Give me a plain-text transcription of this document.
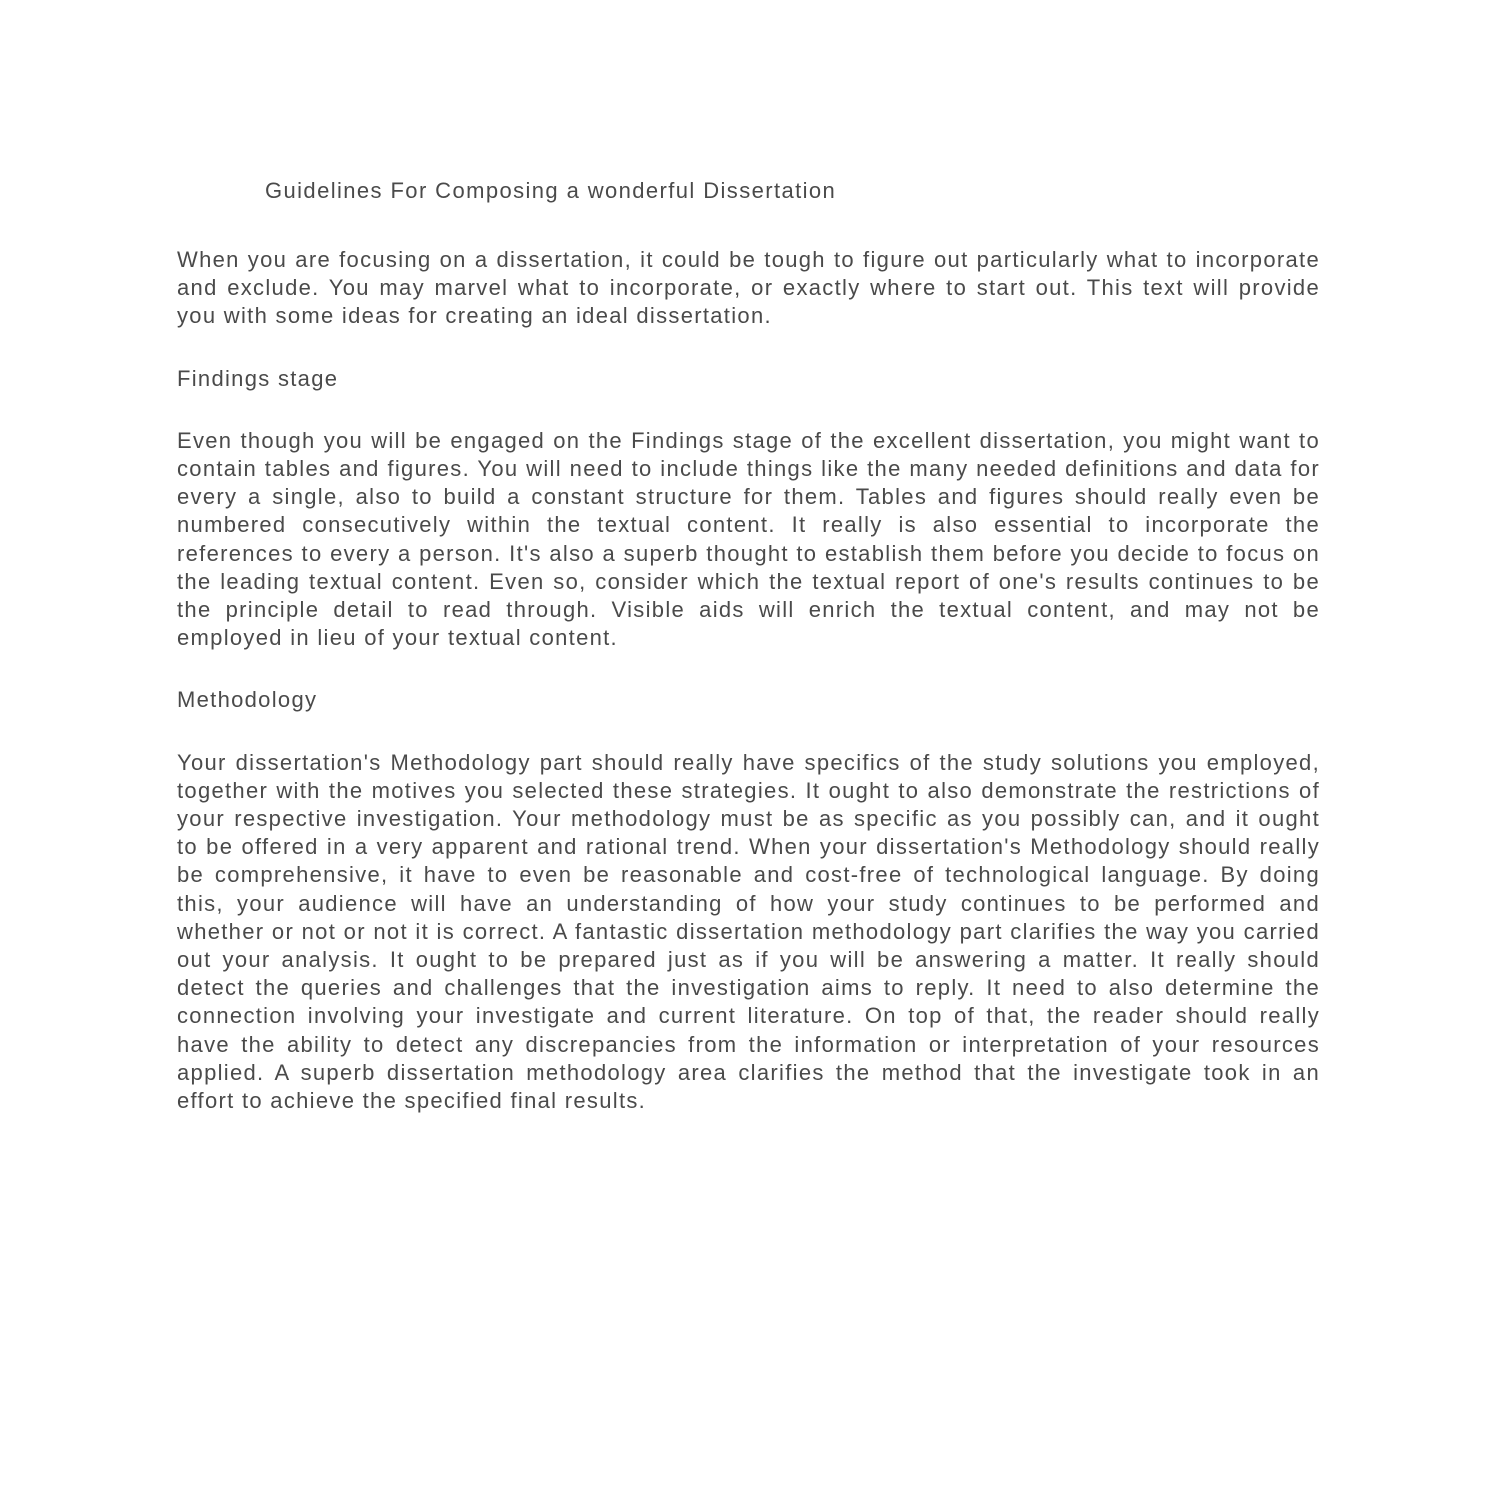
Guidelines For Composing a wonderful Dissertation

When you are focusing on a dissertation, it could be tough to figure out particularly what to incorporate and exclude. You may marvel what to incorporate, or exactly where to start out. This text will provide you with some ideas for creating an ideal dissertation.

Findings stage

Even though you will be engaged on the Findings stage of the excellent dissertation, you might want to contain tables and figures. You will need to include things like the many needed definitions and data for every a single, also to build a constant structure for them. Tables and figures should really even be numbered consecutively within the textual content. It really is also essential to incorporate the references to every a person. It's also a superb thought to establish them before you decide to focus on the leading textual content. Even so, consider which the textual report of one's results continues to be the principle detail to read through. Visible aids will enrich the textual content, and may not be employed in lieu of your textual content.

Methodology

Your dissertation's Methodology part should really have specifics of the study solutions you employed, together with the motives you selected these strategies. It ought to also demonstrate the restrictions of your respective investigation. Your methodology must be as specific as you possibly can, and it ought to be offered in a very apparent and rational trend. When your dissertation's Methodology should really be comprehensive, it have to even be reasonable and cost-free of technological language. By doing this, your audience will have an understanding of how your study continues to be performed and whether or not or not it is correct. A fantastic dissertation methodology part clarifies the way you carried out your analysis. It ought to be prepared just as if you will be answering a matter. It really should detect the queries and challenges that the investigation aims to reply. It need to also determine the connection involving your investigate and current literature. On top of that, the reader should really have the ability to detect any discrepancies from the information or interpretation of your resources applied. A superb dissertation methodology area clarifies the method that the investigate took in an effort to achieve the specified final results.
